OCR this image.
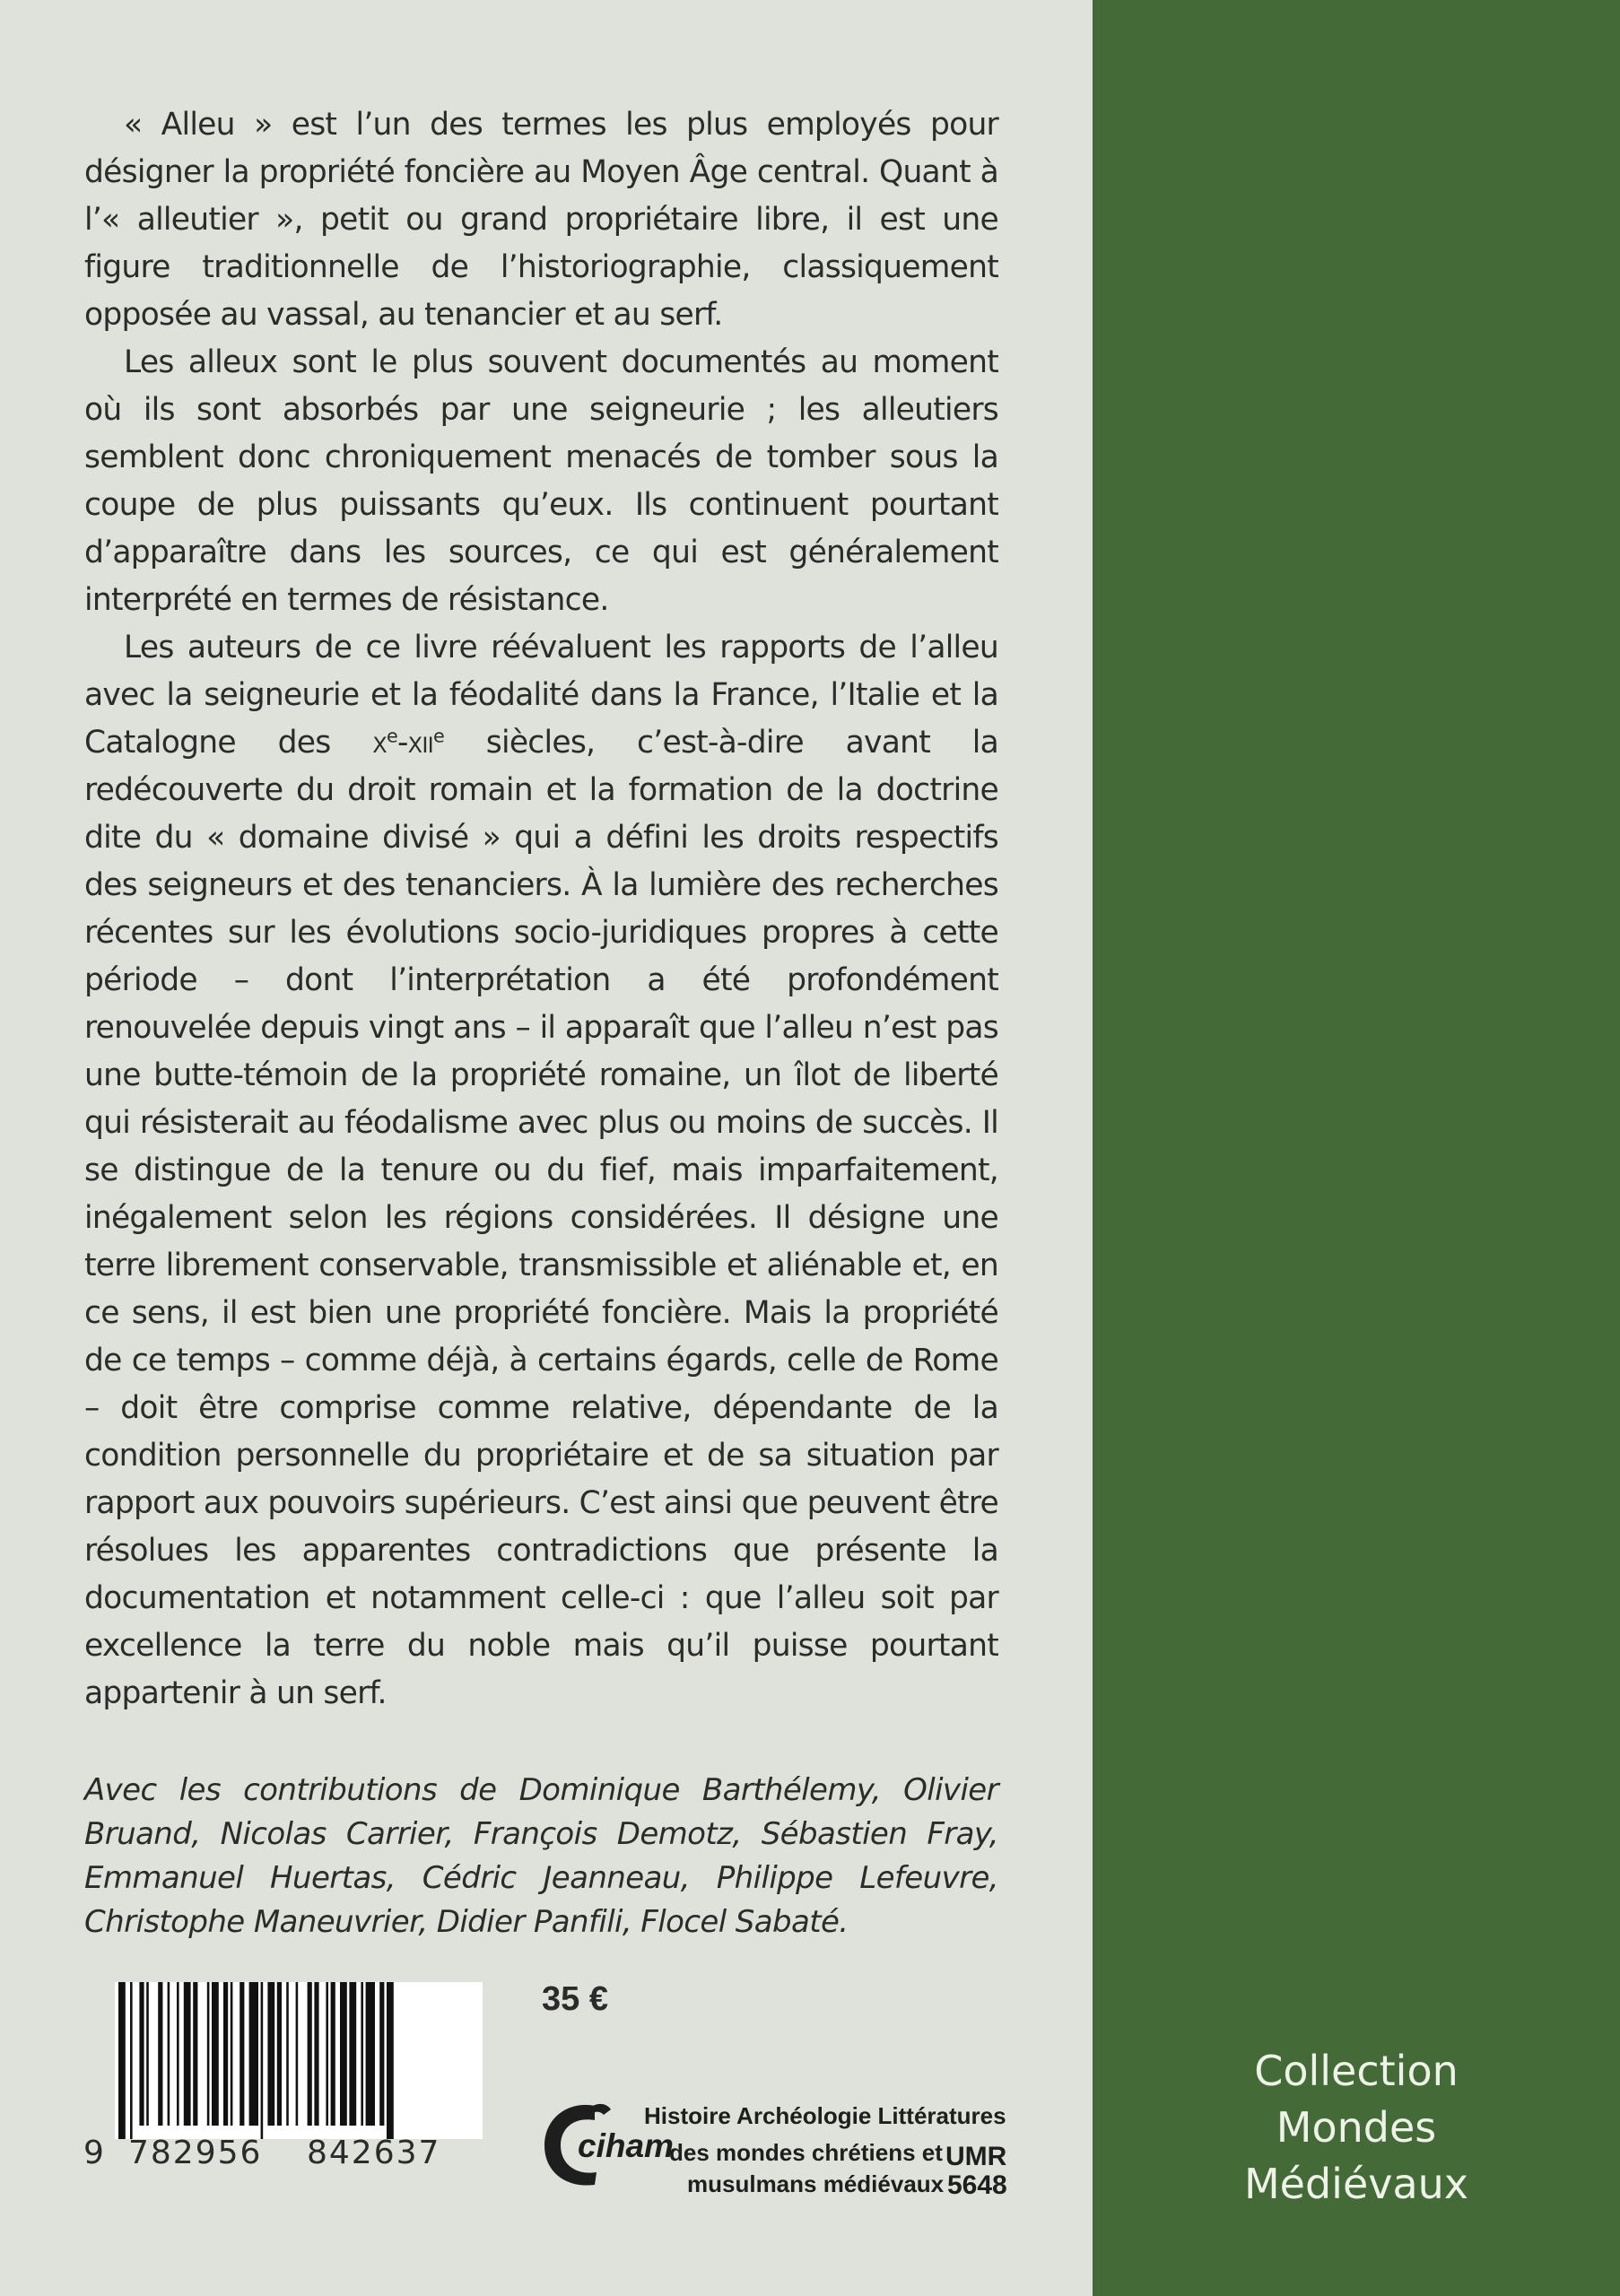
« Alleu » est l’un des termes les plus employés pour désigner la propriété foncière au Moyen Âge central. Quant à l’« alleutier », petit ou grand propriétaire libre, il est une figure traditionnelle de l’historiographie, classiquement opposée au vassal, au tenancier et au serf.

Les alleux sont le plus souvent documentés au moment où ils sont absorbés par une seigneurie ; les alleutiers semblent donc chroniquement menacés de tomber sous la coupe de plus puissants qu’eux. Ils continuent pourtant d’apparaître dans les sources, ce qui est généralement interprété en termes de résistance.

Les auteurs de ce livre réévaluent les rapports de l’alleu avec la seigneurie et la féodalité dans la France, l’Italie et la Catalogne des $x^e-xii^e$ siècles, c’est-à-dire avant la redécouverte du droit romain et la formation de la doctrine dite du « domaine divisé » qui a défini les droits respectifs des seigneurs et des tenanciers. À la lumière des recherches récentes sur les évolutions socio-juridiques propres à cette période – dont l’interprétation a été profondément renouvelée depuis vingt ans – il apparaît que l’alleu n’est pas une butte-témoin de la propriété romaine, un îlot de liberté qui résisterait au féodalisme avec plus ou moins de succès. Il se distingue de la tenure ou du fief, mais imparfaitement, inégalement selon les régions considérées. Il désigne une terre librement conservable, transmissible et aliénable et, en ce sens, il est bien une propriété foncière. Mais la propriété de ce temps – comme déjà, à certains égards, celle de Rome – doit être comprise comme relative, dépendante de la condition personnelle du propriétaire et de sa situation par rapport aux pouvoirs supérieurs. C’est ainsi que peuvent être résolues les apparentes contradictions que présente la documentation et notamment celle-ci : que l’alleu soit par excellence la terre du noble mais qu’il puisse pourtant appartenir à un serf.

Avec les contributions de Dominique Barthélemy, Olivier Bruand, Nicolas Carrier, François Demotz, Sébastien Fray, Emmanuel Huertas, Cédric Jeanneau, Philippe Lefeuvre, Christophe Maneuvrier, Didier Panfili, Flocel Sabaté.
9 782956 842637
35 €
ciham
Histoire Archéologie Littératures
des mondes chrétiens et
musulmans médiévaux
UMR
5648
Collection
Mondes
Médiévaux
